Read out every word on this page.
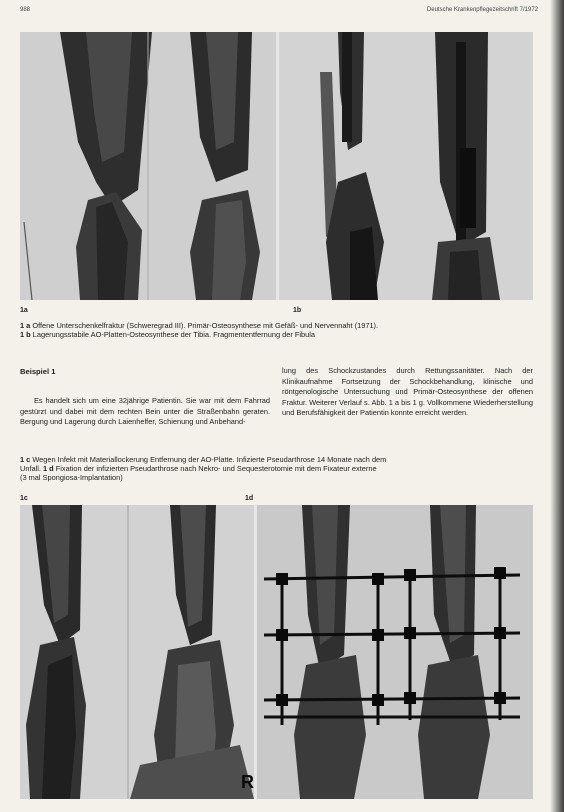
988	Deutsche Krankenpflegezeitschrift 7/1972
1a	1b
1 a Offene Unterschenkelfraktur (Schweregrad III). Primär-Osteosynthese mit Gefäß- und Nervennaht (1971).
1 b Lagerungsstabile AO-Platten-Osteosynthese der Tibia. Fragmententfernung der Fibula
Beispiel 1
Es handelt sich um eine 32jährige Patientin. Sie war mit dem Fahrrad gestürzt und dabei mit dem rechten Bein unter die Straßenbahn geraten. Bergung und Lagerung durch Laienhelfer, Schienung und Anbehand-
lung des Schockzustandes durch Rettungssanitäter. Nach der Klinikaufnahme Fortsetzung der Schockbehandlung, klinische und röntgenologische Untersuchung und Primär-Osteosynthese der offenen Fraktur. Weiterer Verlauf s. Abb. 1 a bis 1 g. Vollkommene Wiederherstellung und Berufsfähigkeit der Patientin konnte erreicht werden.
1 c Wegen Infekt mit Materiallockerung Entfernung der AO-Platte. Infizierte Pseudarthrose 14 Monate nach dem
Unfall. 1 d Fixation der infizierten Pseudarthrose nach Nekro- und Sequesterotomie mit dem Fixateur externe
(3 mal Spongiosa-Implantation)
1c	1d
R
